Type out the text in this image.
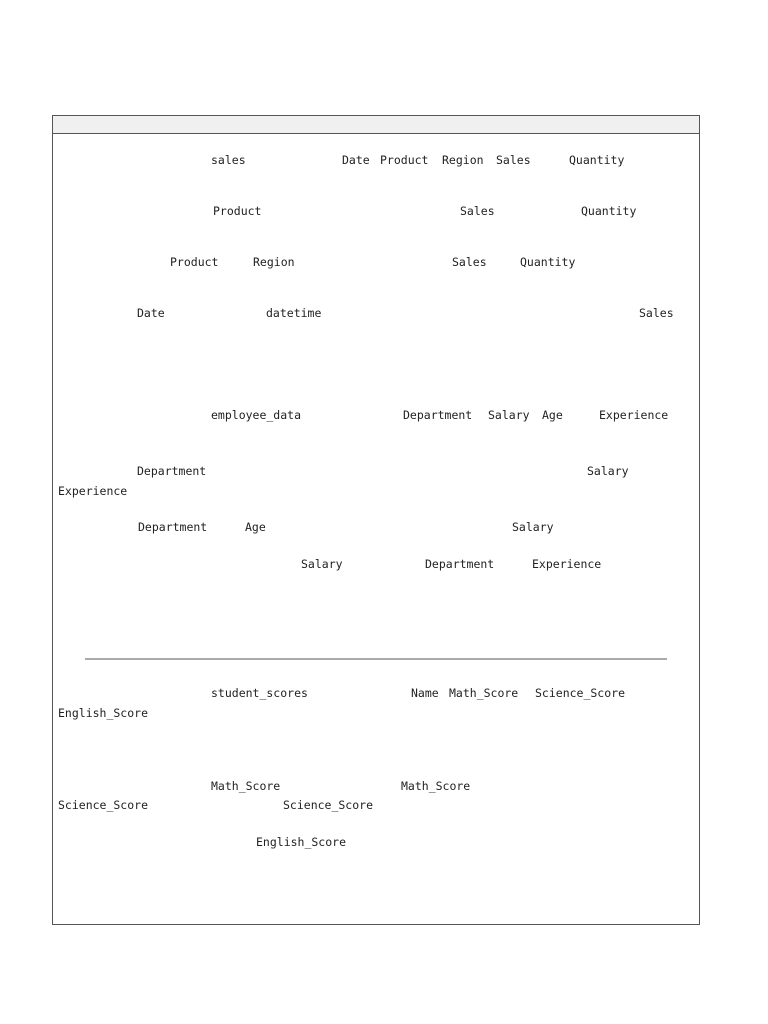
sales	Date Product Region Sales	Quantity
Product	Sales	Quantity
Product	Region	Sales	Quantity
Date	datetime	Sales
employee_data	Department Salary Age	Experience
Department	Salary
Experience
Department	Age	Salary
Salary	Department	Experience
student_scores	Name Math_Score Science_Score
English_Score
Math_Score	Math_Score
Science_Score	Science_Score
English_Score
